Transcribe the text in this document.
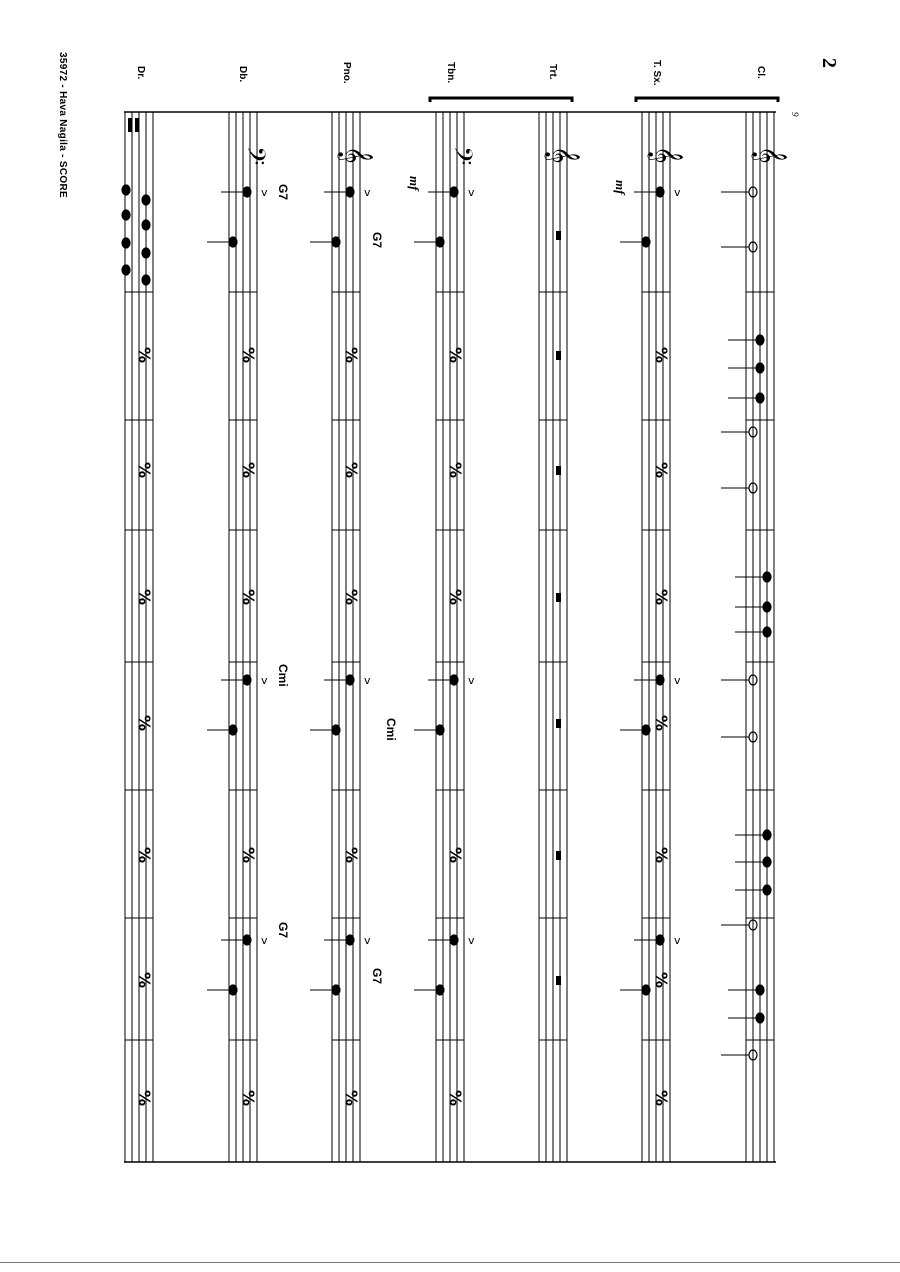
𝄞
𝄞
𝄞
𝄢
𝄞
𝄢
%
%
%
%
%
%
%
%
%
%
%
%
%
%
%
%
%
%
%
%
%
%
%
%
%
%
%
%	%
v
v
v
v
v
v
v
v
v
v
v
v
2
9
Cl.
T. Sx.
Trt.
Tbn.
Pno.
Db.
Dr.
mf
mf
G7
Cmi
G7
G7
Cmi
G7
35972 - Hava Nagila - SCORE
